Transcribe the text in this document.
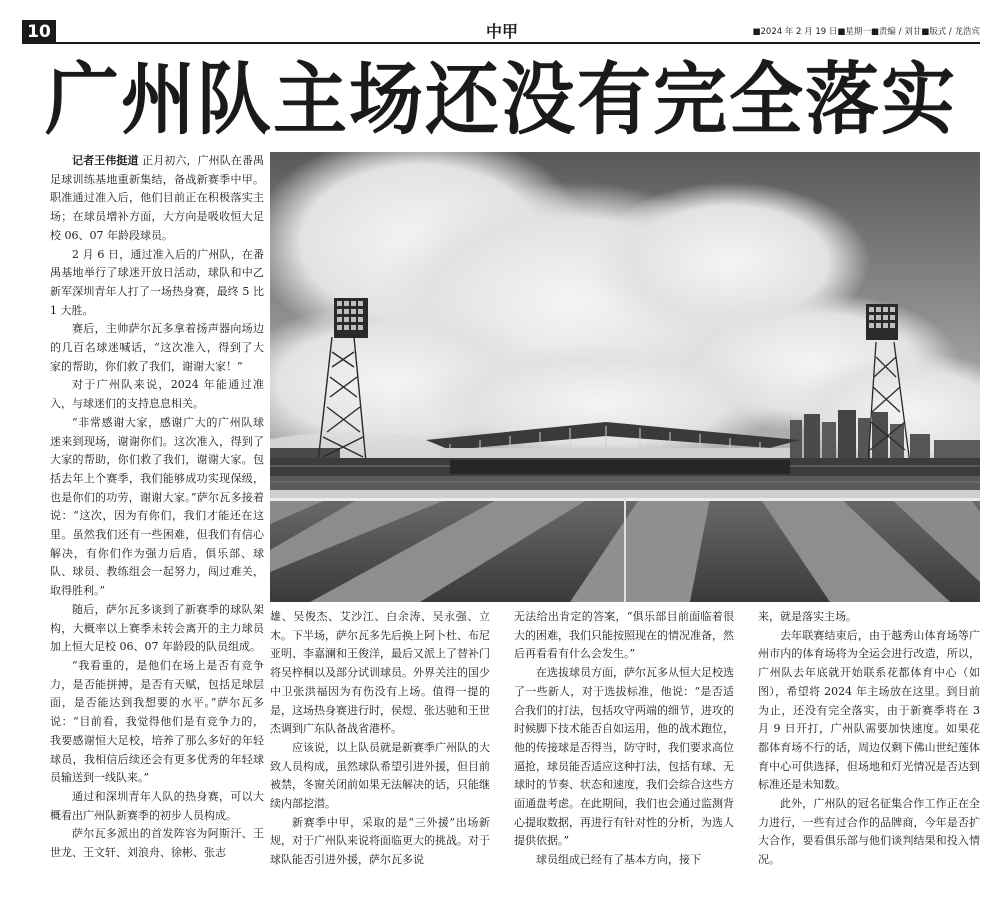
10	中甲	■2024 年 2 月 19 日■星期一■责编 / 刘甘■版式 / 龙浩宾
广州队主场还没有完全落实

记者王伟挺道 正月初六，广州队在番禺足球训练基地重新集结，备战新赛季中甲。职准通过准入后，他们目前正在积极落实主场；在球员增补方面，大方向是吸收恒大足校 06、07 年龄段球员。

2 月 6 日，通过准入后的广州队，在番禺基地举行了球迷开放日活动，球队和中乙新军深圳青年人打了一场热身赛，最终 5 比 1 大胜。

赛后，主帅萨尔瓦多拿着扬声器向场边的几百名球迷喊话，“这次准入，得到了大家的帮助，你们救了我们，谢谢大家！”

对于广州队来说，2024 年能通过准入，与球迷们的支持息息相关。

“非常感谢大家，感谢广大的广州队球迷来到现场，谢谢你们。这次准入，得到了大家的帮助，你们救了我们，谢谢大家。包括去年上个赛季，我们能够成功实现保级，也是你们的功劳，谢谢大家。”萨尔瓦多接着说：“这次，因为有你们，我们才能还在这里。虽然我们还有一些困难，但我们有信心解决，有你们作为强力后盾，俱乐部、球队、球员、教练组会一起努力，闯过难关，取得胜利。”

随后，萨尔瓦多谈到了新赛季的球队架构，大概率以上赛季未转会离开的主力球员加上恒大足校 06、07 年龄段的队员组成。

“我看重的，是他们在场上是否有竞争力，是否能拼搏，是否有天赋，包括足球层面，是否能达到我想要的水平。”萨尔瓦多说：“目前看，我觉得他们是有竞争力的，我要感谢恒大足校，培养了那么多好的年轻球员，我相信后续还会有更多优秀的年轻球员输送到一线队来。”

通过和深圳青年人队的热身赛，可以大概看出广州队新赛季的初步人员构成。

萨尔瓦多派出的首发阵容为阿斯汗、王世龙、王文轩、刘浪舟、徐彬、张志

雄、吴俊杰、艾沙江、白余涛、吴永强、立木。下半场，萨尔瓦多先后换上阿卜杜、布尼亚明、李嘉澜和王俊洋，最后又派上了替补门将吴梓桐以及部分试训球员。外界关注的国少中卫张洪福因为有伤没有上场。值得一提的是，这场热身赛进行时，侯煜、张达驰和王世杰调到广东队备战省港杯。

应该说，以上队员就是新赛季广州队的大致人员构成，虽然球队希望引进外援，但目前被禁，冬窗关闭前如果无法解决的话，只能继续内部挖潜。

新赛季中甲，采取的是“三外援”出场新规，对于广州队来说将面临更大的挑战。对于球队能否引进外援，萨尔瓦多说

无法给出肯定的答案，“俱乐部目前面临着很大的困难，我们只能按照现在的情况准备，然后再看看有什么会发生。”

在选拔球员方面，萨尔瓦多从恒大足校选了一些新人，对于选拔标准，他说：“是否适合我们的打法，包括攻守两端的细节，进攻的时候脚下技术能否自如运用，他的战术跑位，他的传接球是否得当，防守时，我们要求高位逼抢，球员能否适应这种打法，包括有球、无球时的节奏、状态和速度，我们会综合这些方面通盘考虑。在此期间，我们也会通过监测背心提取数据，再进行有针对性的分析，为选人提供依据。”

球员组成已经有了基本方向，接下

来，就是落实主场。

去年联赛结束后，由于越秀山体育场等广州市内的体育场将为全运会进行改造，所以，广州队去年底就开始联系花都体育中心（如图），希望将 2024 年主场放在这里。到目前为止，还没有完全落实，由于新赛季将在 3 月 9 日开打，广州队需要加快速度。如果花都体育场不行的话，周边仅剩下佛山世纪莲体育中心可供选择，但场地和灯光情况是否达到标准还是未知数。

此外，广州队的冠名征集合作工作正在全力进行，一些有过合作的品牌商，今年是否扩大合作，要看俱乐部与他们谈判结果和投入情况。
